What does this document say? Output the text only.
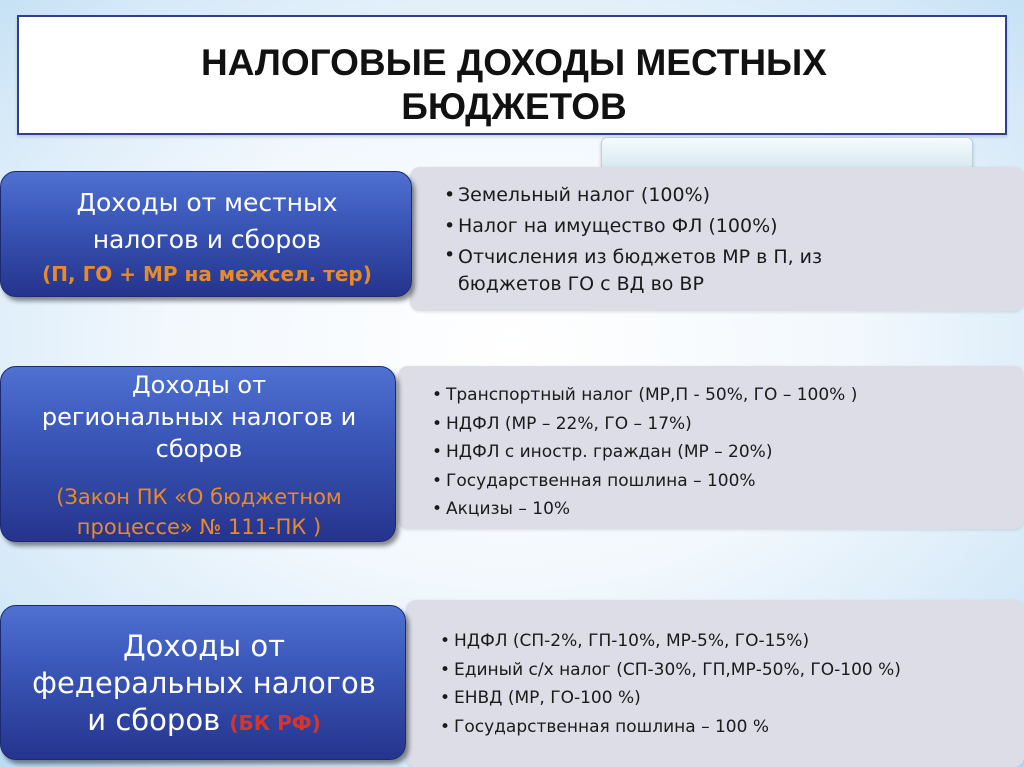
НАЛОГОВЫЕ ДОХОДЫ МЕСТНЫХ
БЮДЖЕТОВ
Доходы от местных
налогов и сборов
(П, ГО + МР на межсел. тер)
• Земельный налог (100%)
• Налог на имущество ФЛ (100%)
• Отчисления из бюджетов МР в П, из бюджетов ГО с ВД во ВР
Доходы от
региональных налогов и
сборов
(Закон ПК «О бюджетном
процессе» № 111-ПК )
• Транспортный налог (МР,П - 50%, ГО – 100% )
• НДФЛ (МР – 22%, ГО – 17%)
• НДФЛ с иностр. граждан (МР – 20%)
• Государственная пошлина – 100%
• Акцизы – 10%
Доходы от
федеральных налогов
и сборов (БК РФ)
• НДФЛ (СП-2%, ГП-10%, МР-5%, ГО-15%)
• Единый с/х налог (СП-30%, ГП,МР-50%, ГО-100 %)
• ЕНВД (МР, ГО-100 %)
• Государственная пошлина – 100 %
